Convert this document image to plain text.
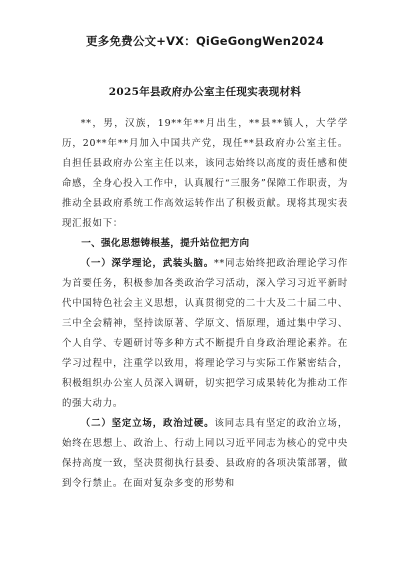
更多免费公文+VX：QiGeGongWen2024
2025年县政府办公室主任现实表现材料

**，男，汉族，19**年**月出生，**县**镇人，大学学历，20**年**月加入中国共产党，现任**县政府办公室主任。自担任县政府办公室主任以来，该同志始终以高度的责任感和使命感，全身心投入工作中，认真履行“三服务”保障工作职责，为推动全县政府系统工作高效运转作出了积极贡献。现将其现实表现汇报如下：

一、强化思想铸根基，提升站位把方向

（一）深学理论，武装头脑。**同志始终把政治理论学习作为首要任务，积极参加各类政治学习活动，深入学习习近平新时代中国特色社会主义思想，认真贯彻党的二十大及二十届二中、三中全会精神，坚持读原著、学原文、悟原理，通过集中学习、个人自学、专题研讨等多种方式不断提升自身政治理论素养。在学习过程中，注重学以致用，将理论学习与实际工作紧密结合，积极组织办公室人员深入调研，切实把学习成果转化为推动工作的强大动力。

（二）坚定立场，政治过硬。该同志具有坚定的政治立场，始终在思想上、政治上、行动上同以习近平同志为核心的党中央保持高度一致，坚决贯彻执行县委、县政府的各项决策部署，做到令行禁止。在面对复杂多变的形势和
